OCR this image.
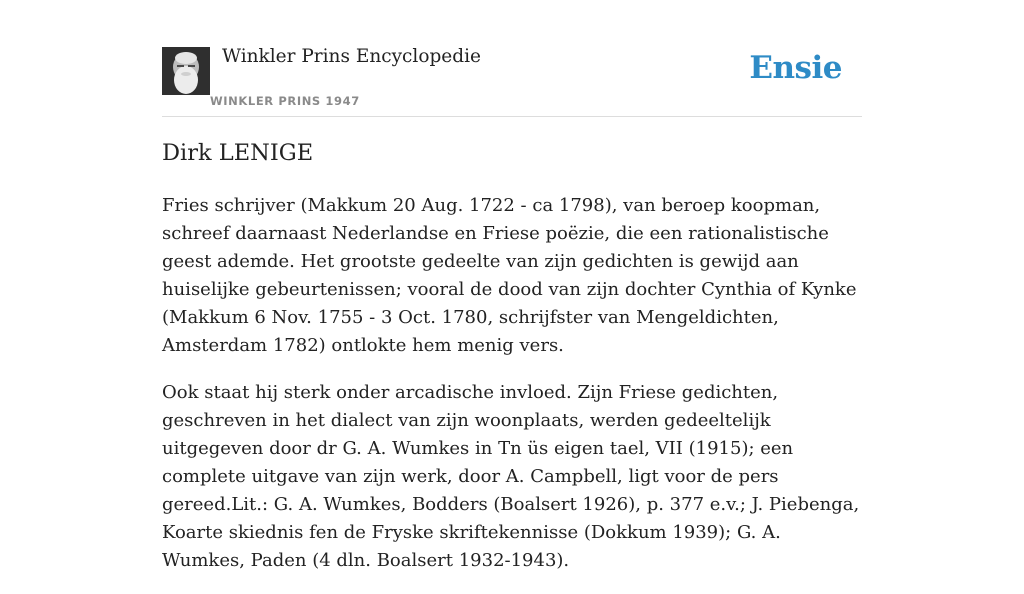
Winkler Prins Encyclopedie
WINKLER PRINS 1947
Ensie
Dirk LENIGE

Fries schrijver (Makkum 20 Aug. 1722 - ca 1798), van beroep koopman, schreef daarnaast Nederlandse en Friese poëzie, die een rationalistische geest ademde. Het grootste gedeelte van zijn gedichten is gewijd aan huiselijke gebeurtenissen; vooral de dood van zijn dochter Cynthia of Kynke (Makkum 6 Nov. 1755 - 3 Oct. 1780, schrijfster van Mengeldichten, Amsterdam 1782) ontlokte hem menig vers.

Ook staat hij sterk onder arcadische invloed. Zijn Friese gedichten, geschreven in het dialect van zijn woonplaats, werden gedeeltelijk uitgegeven door dr G. A. Wumkes in Tn üs eigen tael, VII (1915); een complete uitgave van zijn werk, door A. Campbell, ligt voor de pers gereed.Lit.: G. A. Wumkes, Bodders (Boalsert 1926), p. 377 e.v.; J. Piebenga, Koarte skiednis fen de Fryske skriftekennisse (Dokkum 1939); G. A. Wumkes, Paden (4 dln. Boalsert 1932-1943).
